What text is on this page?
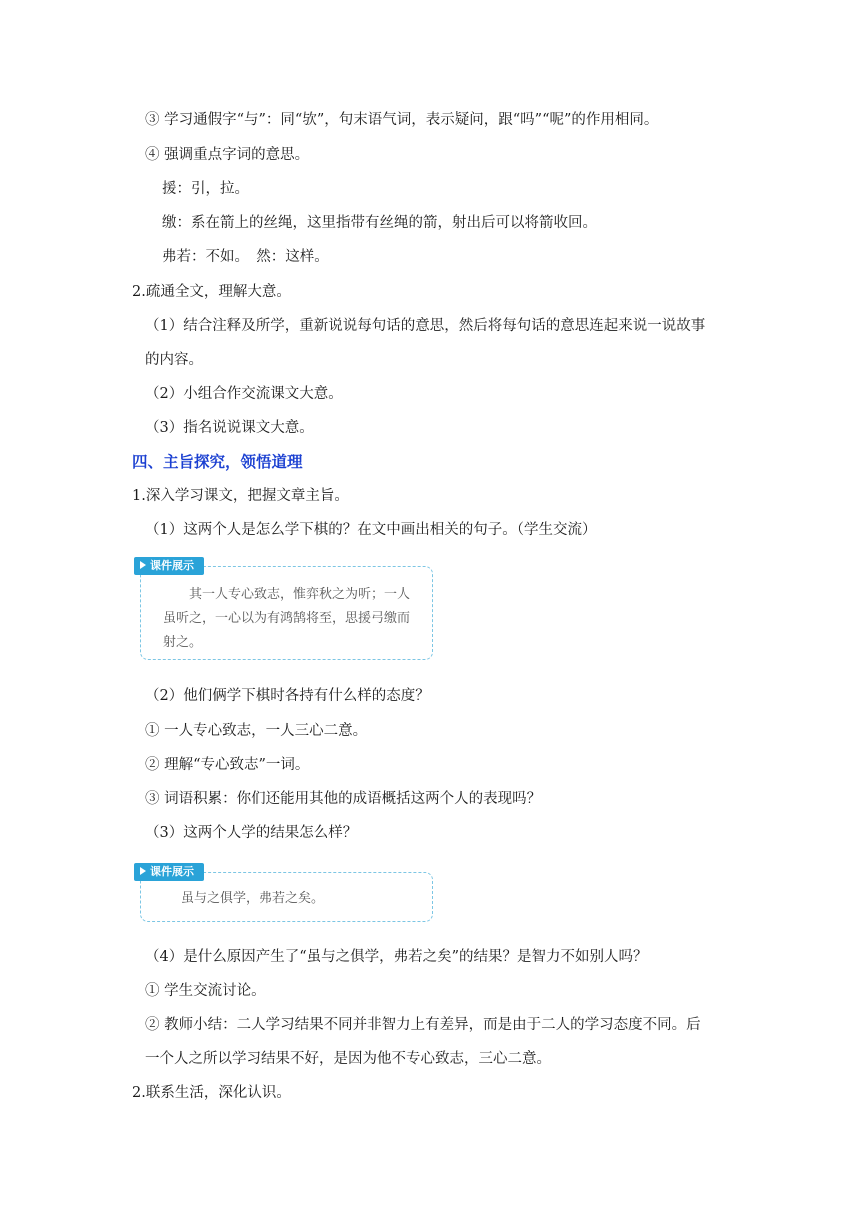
③ 学习通假字“与”：同“欤”，句末语气词，表示疑问，跟“吗”“呢”的作用相同。
④ 强调重点字词的意思。
援：引，拉。
缴：系在箭上的丝绳，这里指带有丝绳的箭，射出后可以将箭收回。
弗若：不如。　然：这样。
2.疏通全文，理解大意。
（1）结合注释及所学，重新说说每句话的意思，然后将每句话的意思连起来说一说故事
的内容。
（2）小组合作交流课文大意。
（3）指名说说课文大意。
四、主旨探究，领悟道理
1.深入学习课文，把握文章主旨。
（1）这两个人是怎么学下棋的？在文中画出相关的句子。（学生交流）
课件展示
其一人专心致志，惟弈秋之为听；一人
虽听之，一心以为有鸿鹄将至，思援弓缴而
射之。
（2）他们俩学下棋时各持有什么样的态度？
① 一人专心致志，一人三心二意。
② 理解“专心致志”一词。
③ 词语积累：你们还能用其他的成语概括这两个人的表现吗？
（3）这两个人学的结果怎么样？
课件展示
虽与之俱学，弗若之矣。
（4）是什么原因产生了“虽与之俱学，弗若之矣”的结果？是智力不如别人吗？
① 学生交流讨论。
② 教师小结：二人学习结果不同并非智力上有差异，而是由于二人的学习态度不同。后
一个人之所以学习结果不好，是因为他不专心致志，三心二意。
2.联系生活，深化认识。
